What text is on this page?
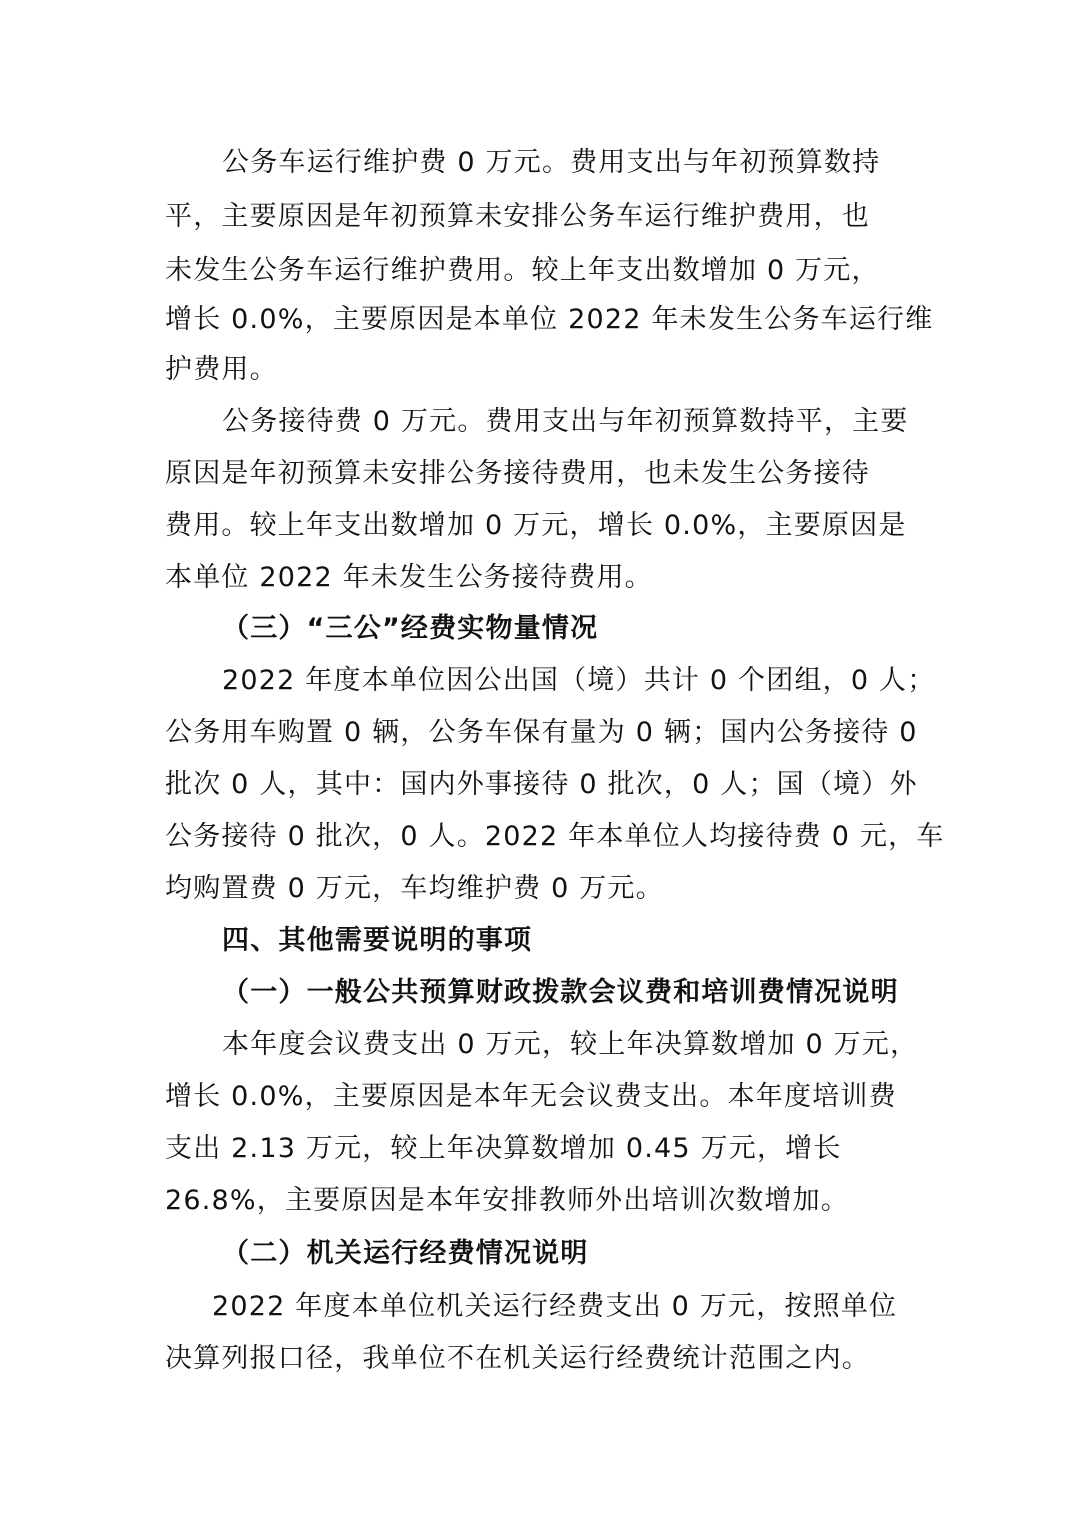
公务车运行维护费 0 万元。费用支出与年初预算数持

平，主要原因是年初预算未安排公务车运行维护费用，也

未发生公务车运行维护费用。较上年支出数增加 0 万元，

增长 0.0%，主要原因是本单位 2022 年未发生公务车运行维

护费用。

公务接待费 0 万元。费用支出与年初预算数持平，主要

原因是年初预算未安排公务接待费用，也未发生公务接待

费用。较上年支出数增加 0 万元，增长 0.0%，主要原因是

本单位 2022 年未发生公务接待费用。

（三）“三公”经费实物量情况

2022 年度本单位因公出国（境）共计 0 个团组，0 人；

公务用车购置 0 辆，公务车保有量为 0 辆；国内公务接待 0

批次 0 人，其中：国内外事接待 0 批次，0 人；国（境）外

公务接待 0 批次，0 人。2022 年本单位人均接待费 0 元，车

均购置费 0 万元，车均维护费 0 万元。

四、其他需要说明的事项

（一）一般公共预算财政拨款会议费和培训费情况说明

本年度会议费支出 0 万元，较上年决算数增加 0 万元，

增长 0.0%，主要原因是本年无会议费支出。本年度培训费

支出 2.13 万元，较上年决算数增加 0.45 万元，增长

26.8%，主要原因是本年安排教师外出培训次数增加。

（二）机关运行经费情况说明

2022 年度本单位机关运行经费支出 0 万元，按照单位

决算列报口径，我单位不在机关运行经费统计范围之内。
